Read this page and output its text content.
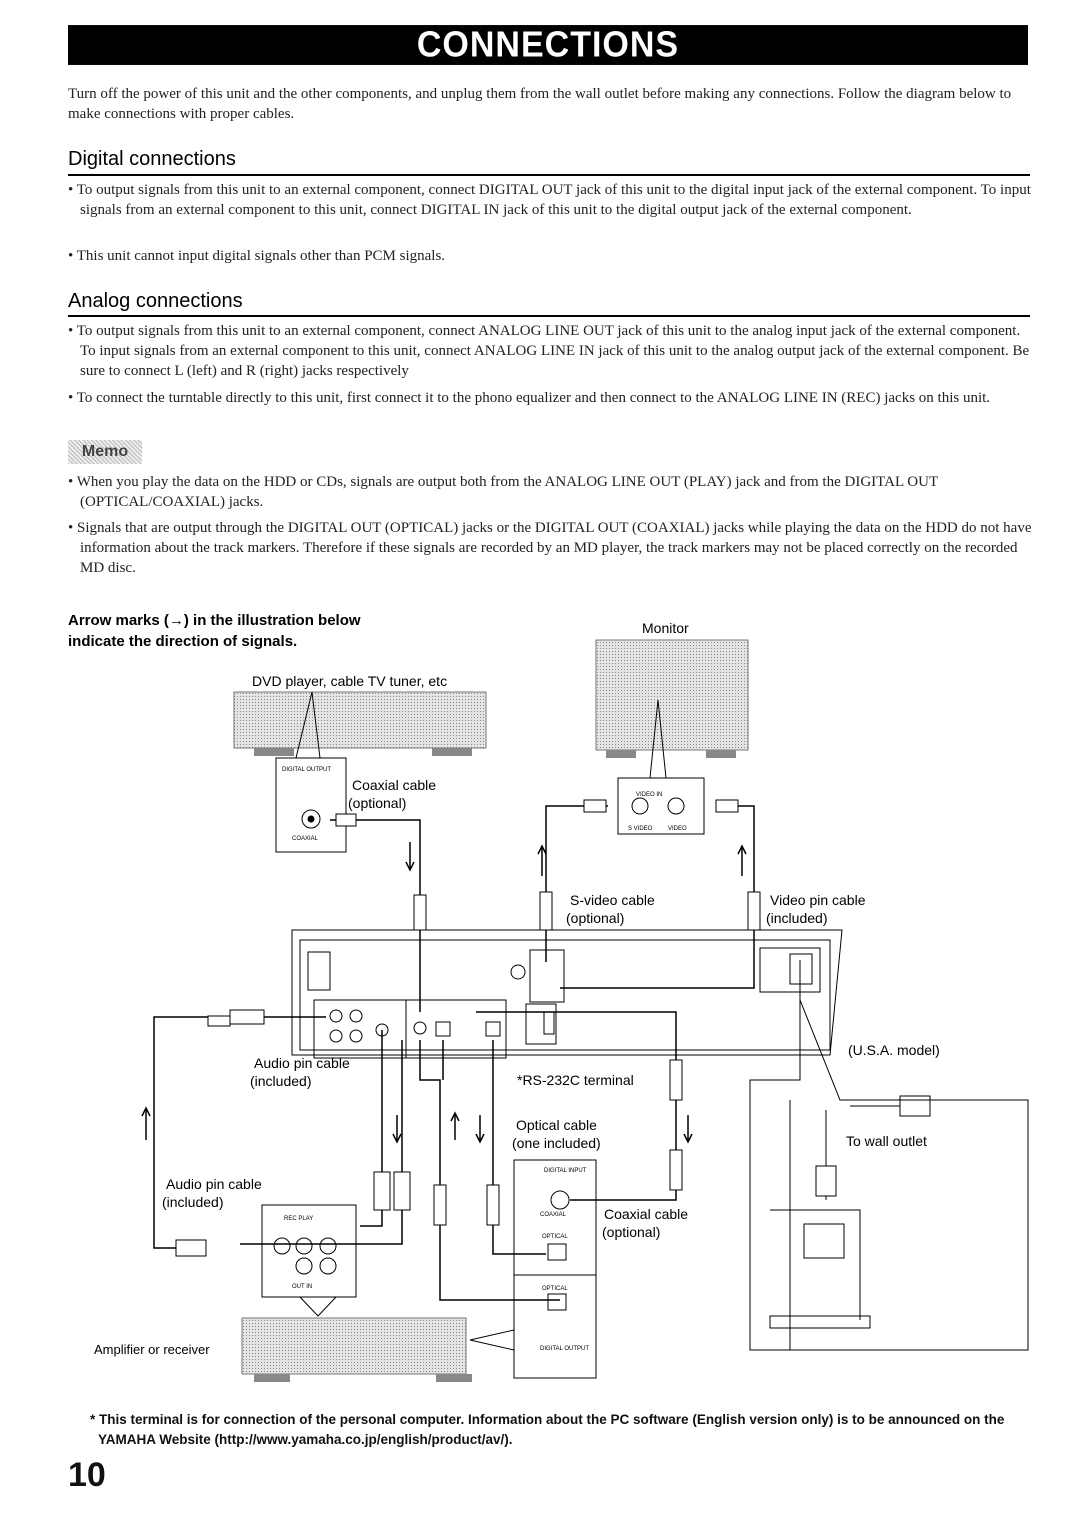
CONNECTIONS
Turn off the power of this unit and the other components, and unplug them from the wall outlet before making any connections. Follow the diagram below to make connections with proper cables.
Digital connections
• To output signals from this unit to an external component, connect DIGITAL OUT jack of this unit to the digital input jack of the external component. To input signals from an external component to this unit, connect DIGITAL IN jack of this unit to the digital output jack of the external component.
• This unit cannot input digital signals other than PCM signals.
Analog connections
• To output signals from this unit to an external component, connect ANALOG LINE OUT jack of this unit to the analog input jack of the external component. To input signals from an external component to this unit, connect ANALOG LINE IN jack of this unit to the analog output jack of the external component. Be sure to connect L (left) and R (right) jacks respectively
• To connect the turntable directly to this unit, first connect it to the phono equalizer and then connect to the ANALOG LINE IN (REC) jacks on this unit.
Memo
• When you play the data on the HDD or CDs, signals are output both from the ANALOG LINE OUT (PLAY) jack and from the DIGITAL OUT (OPTICAL/COAXIAL) jacks.
• Signals that are output through the DIGITAL OUT (OPTICAL) jacks or the DIGITAL OUT (COAXIAL) jacks while playing the data on the HDD do not have information about the track markers. Therefore if these signals are recorded by an MD player, the track markers may not be placed correctly on the recorded MD disc.
Arrow marks (→) in the illustration below
indicate the direction of signals.
Monitor
DVD player, cable TV tuner, etc
Coaxial cable
(optional)
S-video cable
(optional)
Video pin cable
(included)
(U.S.A. model)
Audio pin cable
(included)	*RS-232C terminal
Optical cable
(one included)	To wall outlet
Audio pin cable
(included)
Coaxial cable
(optional)
Amplifier or receiver
DIGITAL OUTPUT
COAXIAL
VIDEO IN
S VIDEO	VIDEO
REC PLAY
OUT IN
DIGITAL INPUT
COAXIAL
OPTICAL
OPTICAL
DIGITAL OUTPUT
* This terminal is for connection of the personal computer. Information about the PC software (English version only) is to be announced on the YAMAHA Website (http://www.yamaha.co.jp/english/product/av/).
10
